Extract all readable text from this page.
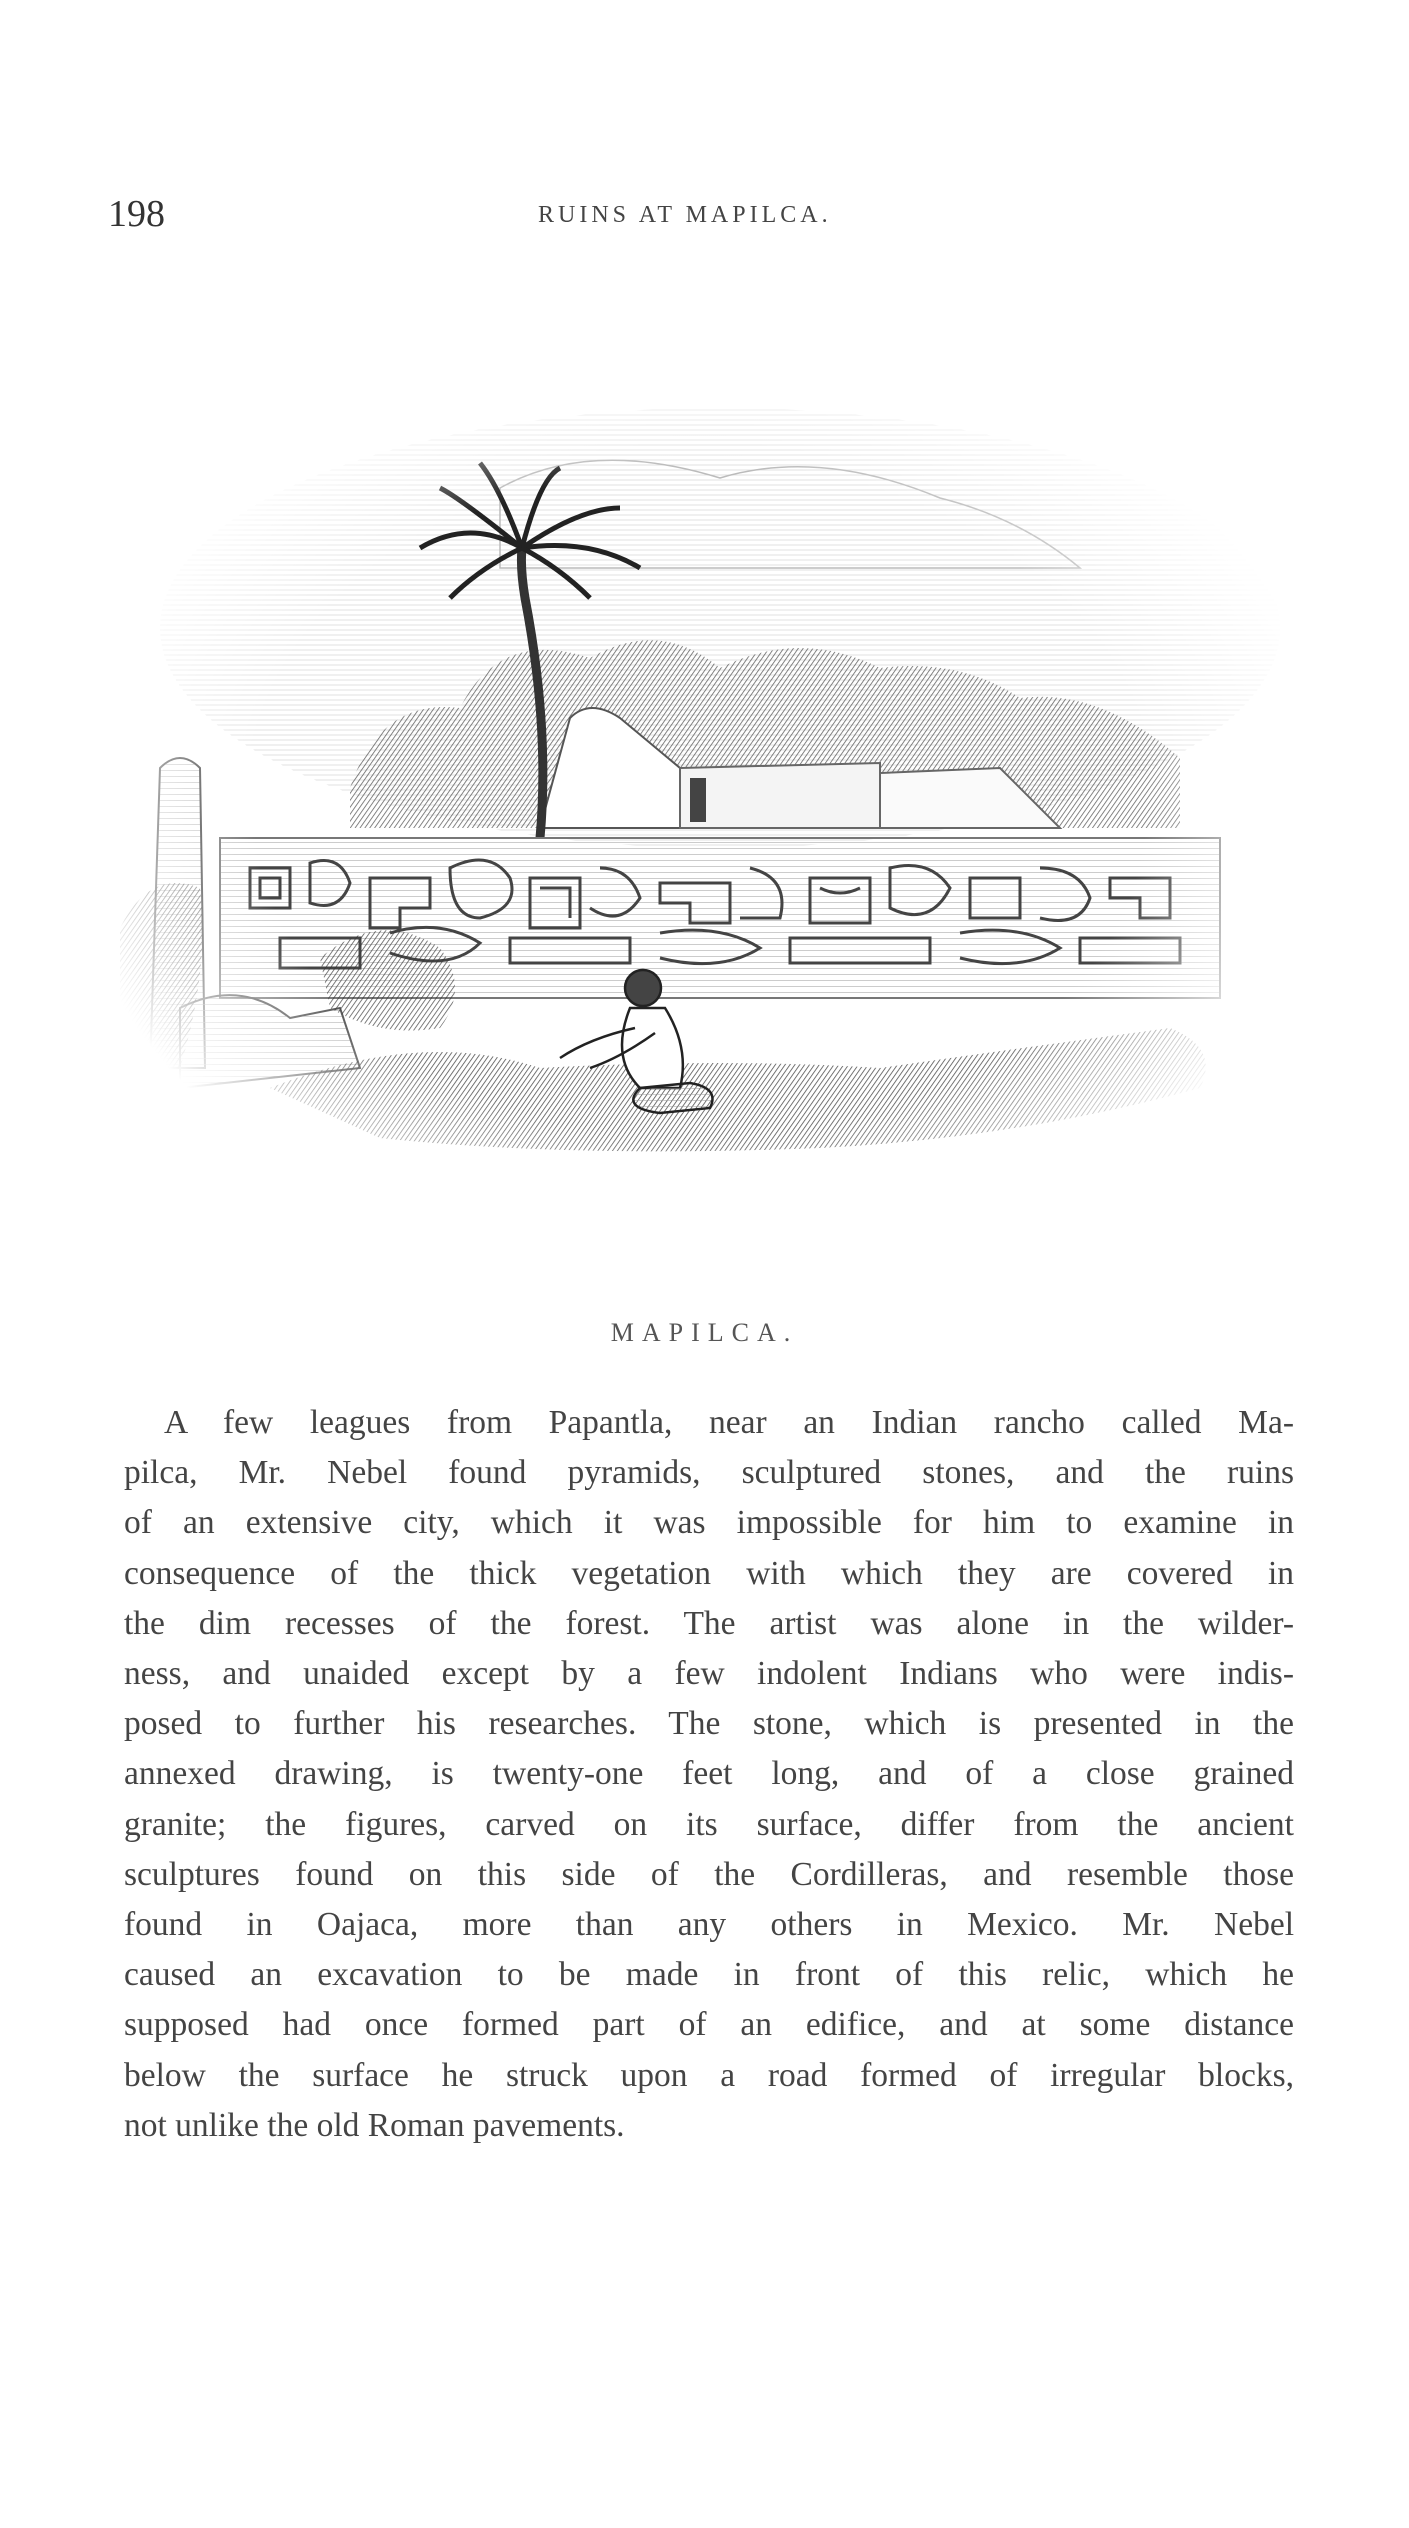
198	RUINS AT MAPILCA.
MAPILCA.
A few leagues from Papantla, near an Indian rancho called Ma-
pilca, Mr. Nebel found pyramids, sculptured stones, and the ruins
of an extensive city, which it was impossible for him to examine in
consequence of the thick vegetation with which they are covered in
the dim recesses of the forest. The artist was alone in the wilder-
ness, and unaided except by a few indolent Indians who were indis-
posed to further his researches. The stone, which is presented in the
annexed drawing, is twenty-one feet long, and of a close grained
granite; the figures, carved on its surface, differ from the ancient
sculptures found on this side of the Cordilleras, and resemble those
found in Oajaca, more than any others in Mexico. Mr. Nebel
caused an excavation to be made in front of this relic, which he
supposed had once formed part of an edifice, and at some distance
below the surface he struck upon a road formed of irregular blocks,
not unlike the old Roman pavements.
